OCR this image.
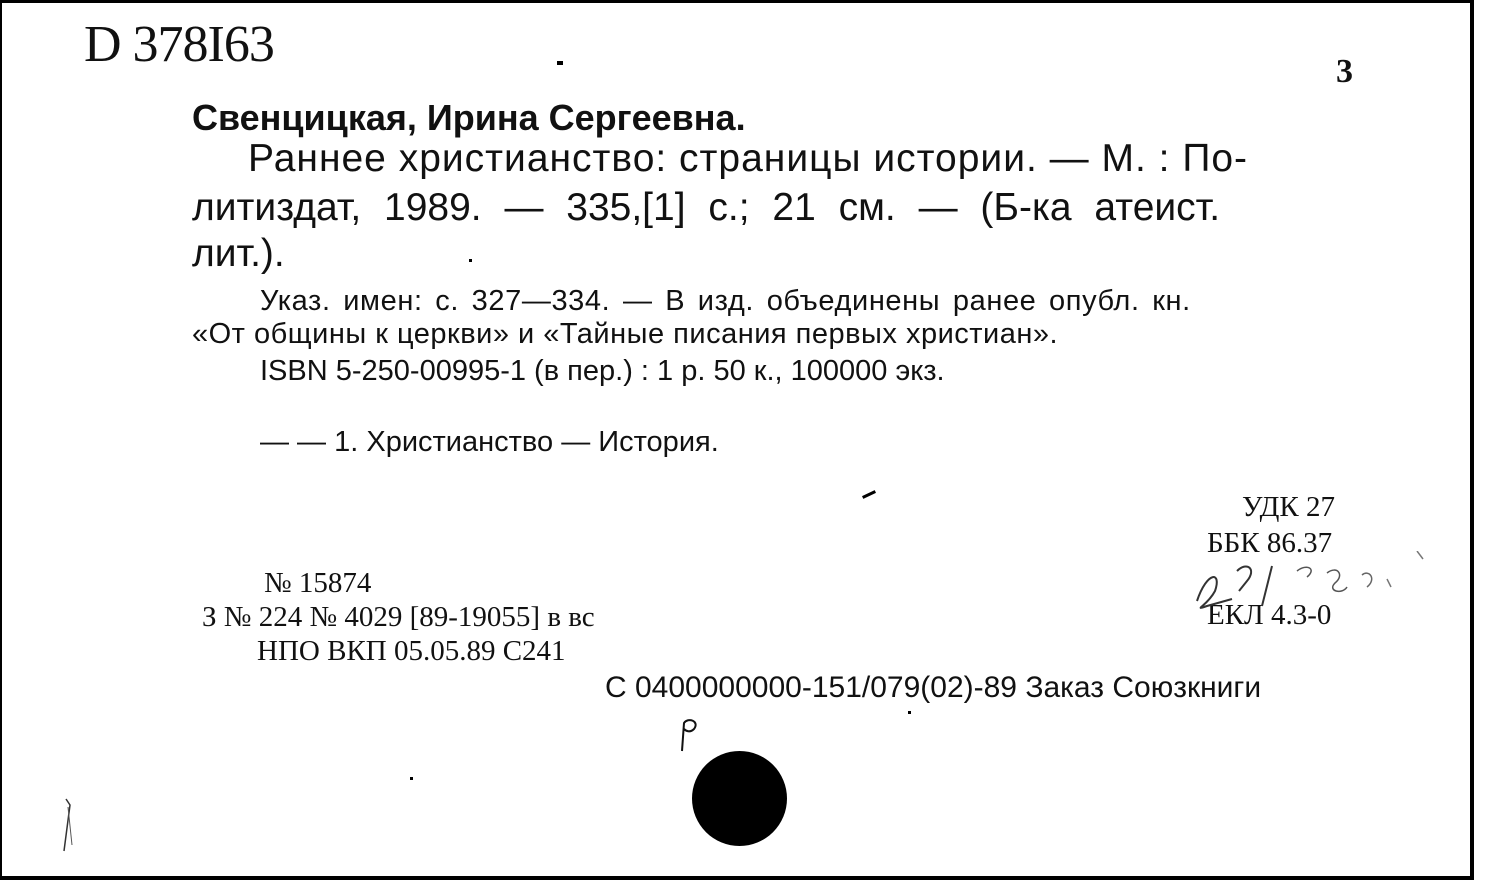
D 378I63	3
Свенцицкая, Ирина Сергеевна.
Раннее христианство: страницы истории. — М. : По-
литиздат, 1989. — 335,[1] с.; 21 см. — (Б-ка атеист.
лит.).
Указ. имен: с. 327—334. — В изд. объединены ранее опубл. кн.
«От общины к церкви» и «Тайные писания первых христиан».
ISBN 5-250-00995-1 (в пер.) : 1 р. 50 к., 100000 экз.
— — 1. Христианство — История.
УДК 27
ББК 86.37
ЕКЛ 4.3-0
№ 15874
З № 224 № 4029 [89-19055] в вс
НПО ВКП 05.05.89 С241
С 0400000000-151/079(02)-89 Заказ Союзкниги
